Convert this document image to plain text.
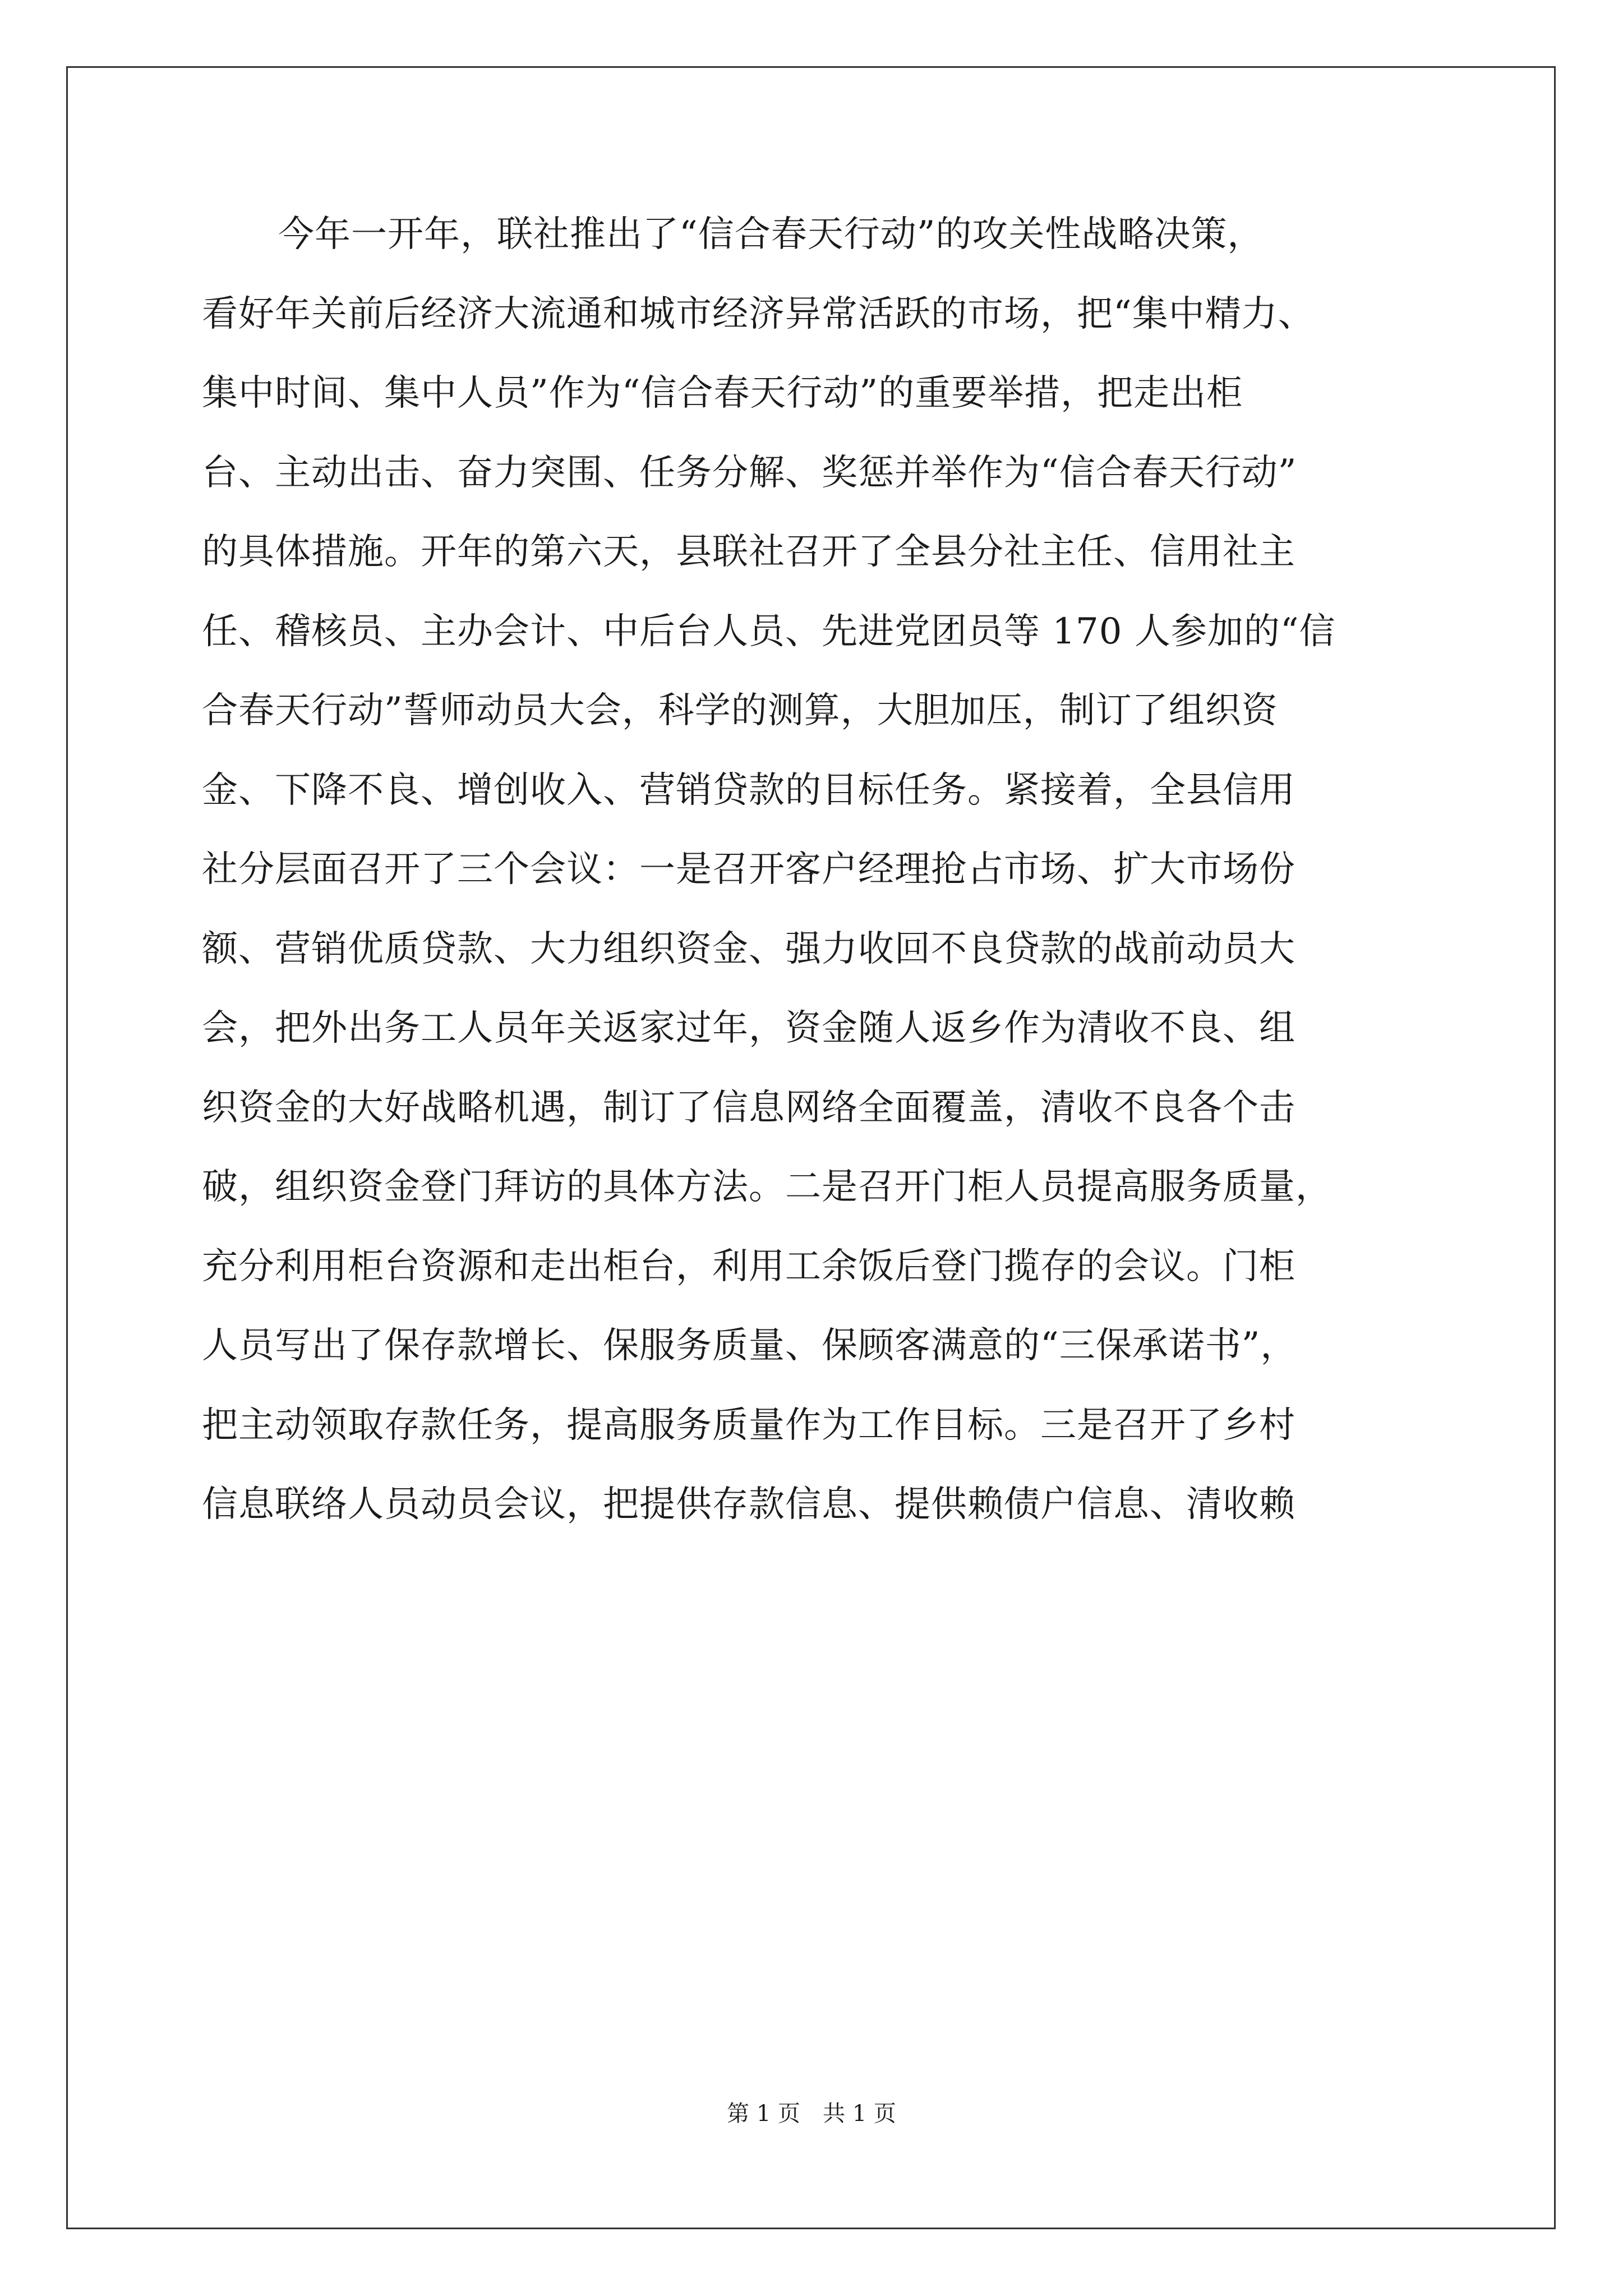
今年一开年，联社推出了“信合春天行动”的攻关性战略决策，
看好年关前后经济大流通和城市经济异常活跃的市场，把“集中精力、
集中时间、集中人员”作为“信合春天行动”的重要举措，把走出柜
台、主动出击、奋力突围、任务分解、奖惩并举作为“信合春天行动”
的具体措施。开年的第六天，县联社召开了全县分社主任、信用社主
任、稽核员、主办会计、中后台人员、先进党团员等 170 人参加的“信
合春天行动”誓师动员大会，科学的测算，大胆加压，制订了组织资
金、下降不良、增创收入、营销贷款的目标任务。紧接着，全县信用
社分层面召开了三个会议：一是召开客户经理抢占市场、扩大市场份
额、营销优质贷款、大力组织资金、强力收回不良贷款的战前动员大
会，把外出务工人员年关返家过年，资金随人返乡作为清收不良、组
织资金的大好战略机遇，制订了信息网络全面覆盖，清收不良各个击
破，组织资金登门拜访的具体方法。二是召开门柜人员提高服务质量，
充分利用柜台资源和走出柜台，利用工余饭后登门揽存的会议。门柜
人员写出了保存款增长、保服务质量、保顾客满意的“三保承诺书”，
把主动领取存款任务，提高服务质量作为工作目标。三是召开了乡村
信息联络人员动员会议，把提供存款信息、提供赖债户信息、清收赖

第 1 页 共 1 页
